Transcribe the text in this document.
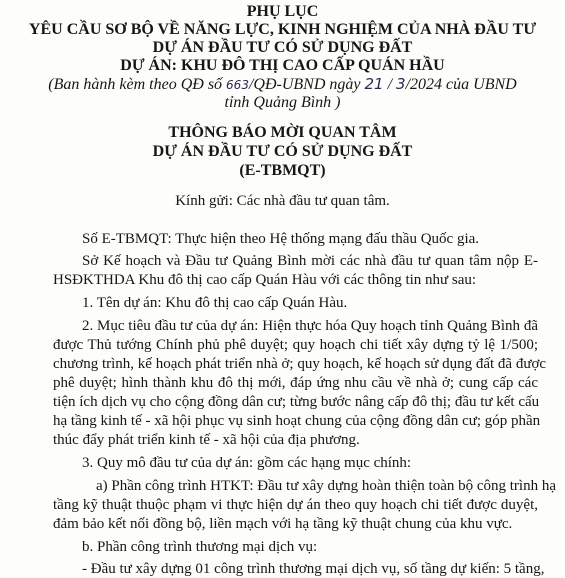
PHỤ LỤC
YÊU CẦU SƠ BỘ VỀ NĂNG LỰC, KINH NGHIỆM CỦA NHÀ ĐẦU TƯ
DỰ ÁN ĐẦU TƯ CÓ SỬ DỤNG ĐẤT
DỰ ÁN: KHU ĐÔ THỊ CAO CẤP QUÁN HẦU
(Ban hành kèm theo QĐ số 663/QĐ-UBND ngày 21 / 3/2024 của UBND
tỉnh Quảng Bình )
THÔNG BÁO MỜI QUAN TÂM
DỰ ÁN ĐẦU TƯ CÓ SỬ DỤNG ĐẤT
(E-TBMQT)
Kính gửi: Các nhà đầu tư quan tâm.
Số E-TBMQT: Thực hiện theo Hệ thống mạng đấu thầu Quốc gia.
Sở Kế hoạch và Đầu tư Quảng Bình mời các nhà đầu tư quan tâm nộp E-
HSĐKTHDA Khu đô thị cao cấp Quán Hàu với các thông tin như sau:
1. Tên dự án: Khu đô thị cao cấp Quán Hàu.
2. Mục tiêu đầu tư của dự án: Hiện thực hóa Quy hoạch tỉnh Quảng Bình đã
được Thủ tướng Chính phủ phê duyệt; quy hoạch chi tiết xây dựng tỷ lệ 1/500;
chương trình, kế hoạch phát triển nhà ở; quy hoạch, kế hoạch sử dụng đất đã được
phê duyệt; hình thành khu đô thị mới, đáp ứng nhu cầu về nhà ở; cung cấp các
tiện ích dịch vụ cho cộng đồng dân cư; từng bước nâng cấp đô thị; đầu tư kết cấu
hạ tầng kinh tế - xã hội phục vụ sinh hoạt chung của cộng đồng dân cư; góp phần
thúc đẩy phát triển kinh tế - xã hội của địa phương.
3. Quy mô đầu tư của dự án: gồm các hạng mục chính:
a) Phần công trình HTKT: Đầu tư xây dựng hoàn thiện toàn bộ công trình hạ
tầng kỹ thuật thuộc phạm vi thực hiện dự án theo quy hoạch chi tiết được duyệt,
đảm bảo kết nối đồng bộ, liền mạch với hạ tầng kỹ thuật chung của khu vực.
b. Phần công trình thương mại dịch vụ:
- Đầu tư xây dựng 01 công trình thương mại dịch vụ, số tầng dự kiến: 5 tầng,
